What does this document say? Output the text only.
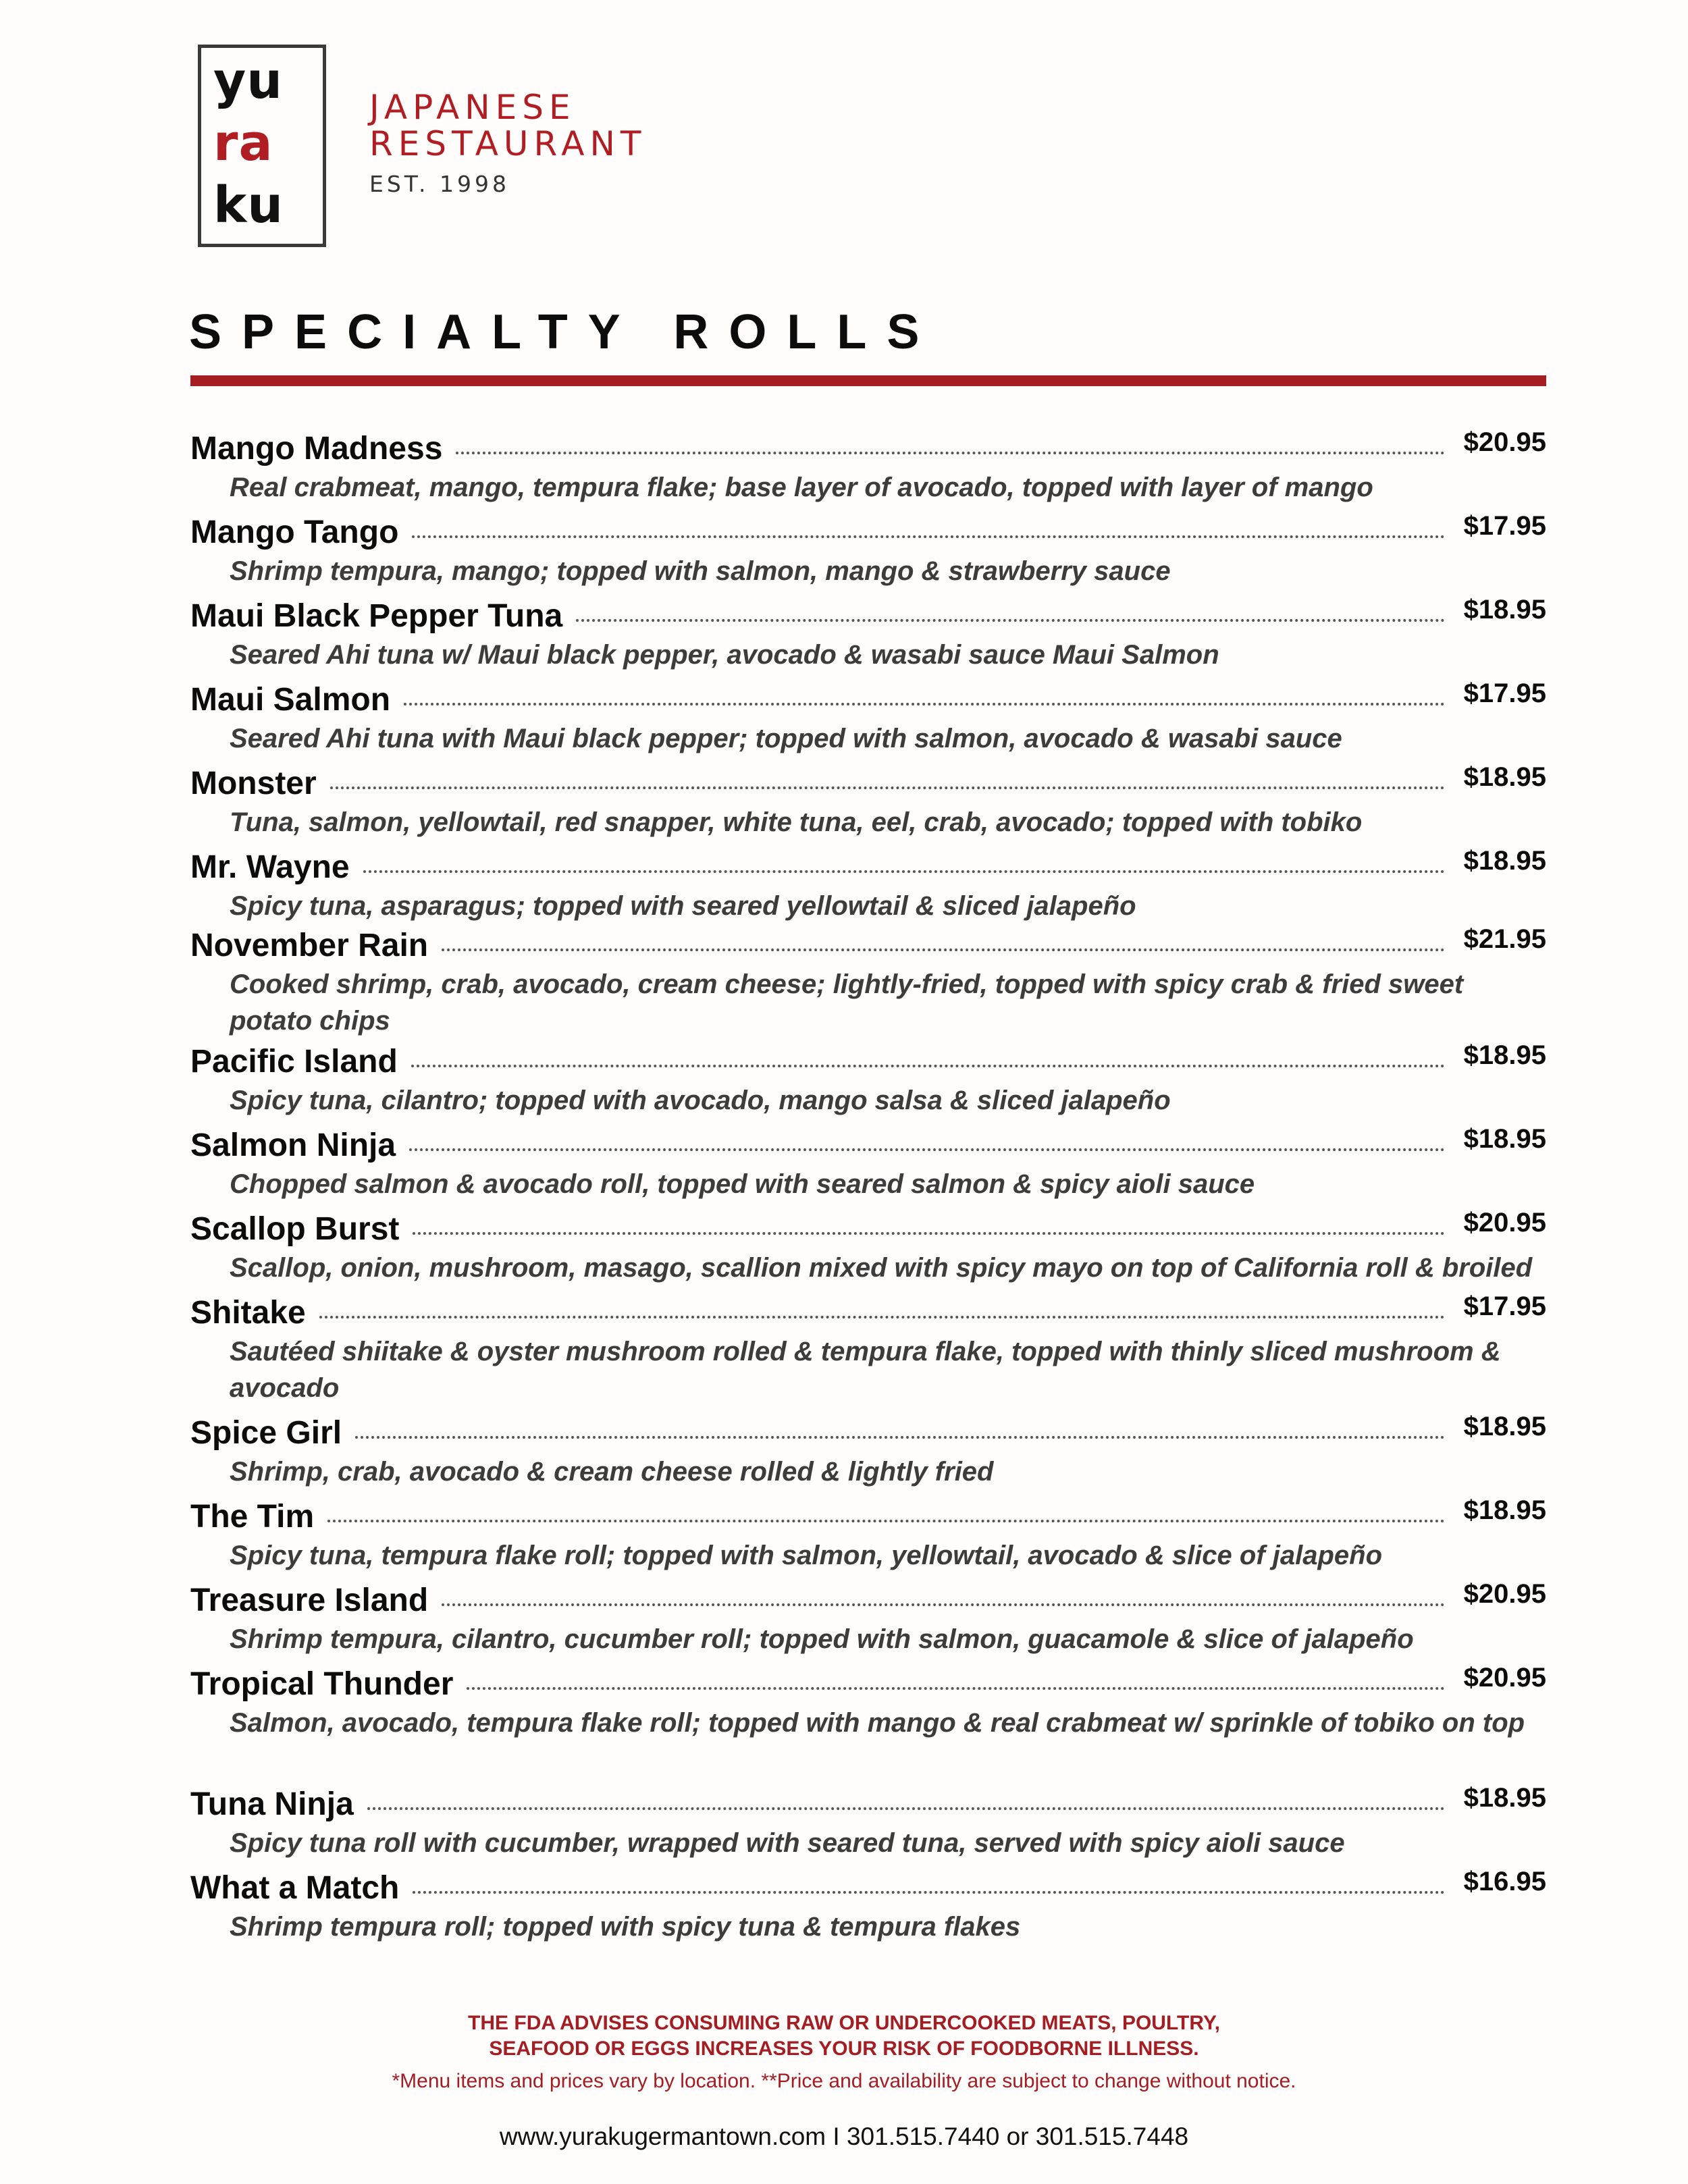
yu
ra
ku
JAPANESE
RESTAURANT
EST. 1998
SPECIALTY ROLLS
Mango Madness	$20.95
Real crabmeat, mango, tempura flake; base layer of avocado, topped with layer of mango
Mango Tango	$17.95
Shrimp tempura, mango; topped with salmon, mango & strawberry sauce
Maui Black Pepper Tuna	$18.95
Seared Ahi tuna w/ Maui black pepper, avocado & wasabi sauce Maui Salmon
Maui Salmon	$17.95
Seared Ahi tuna with Maui black pepper; topped with salmon, avocado & wasabi sauce
Monster	$18.95
Tuna, salmon, yellowtail, red snapper, white tuna, eel, crab, avocado; topped with tobiko
Mr. Wayne	$18.95
Spicy tuna, asparagus; topped with seared yellowtail & sliced jalapeño
November Rain	$21.95
Cooked shrimp, crab, avocado, cream cheese; lightly-fried, topped with spicy crab & fried sweet potato chips
Pacific Island	$18.95
Spicy tuna, cilantro; topped with avocado, mango salsa & sliced jalapeño
Salmon Ninja	$18.95
Chopped salmon & avocado roll, topped with seared salmon & spicy aioli sauce
Scallop Burst	$20.95
Scallop, onion, mushroom, masago, scallion mixed with spicy mayo on top of California roll & broiled
Shitake	$17.95
Sautéed shiitake & oyster mushroom rolled & tempura flake, topped with thinly sliced mushroom & avocado
Spice Girl	$18.95
Shrimp, crab, avocado & cream cheese rolled & lightly fried
The Tim	$18.95
Spicy tuna, tempura flake roll; topped with salmon, yellowtail, avocado & slice of jalapeño
Treasure Island	$20.95
Shrimp tempura, cilantro, cucumber roll; topped with salmon, guacamole & slice of jalapeño
Tropical Thunder	$20.95
Salmon, avocado, tempura flake roll; topped with mango & real crabmeat w/ sprinkle of tobiko on top
Tuna Ninja	$18.95
Spicy tuna roll with cucumber, wrapped with seared tuna, served with spicy aioli sauce
What a Match	$16.95
Shrimp tempura roll; topped with spicy tuna & tempura flakes
THE FDA ADVISES CONSUMING RAW OR UNDERCOOKED MEATS, POULTRY,
SEAFOOD OR EGGS INCREASES YOUR RISK OF FOODBORNE ILLNESS.
*Menu items and prices vary by location. **Price and availability are subject to change without notice.
www.yurakugermantown.com I 301.515.7440 or 301.515.7448
